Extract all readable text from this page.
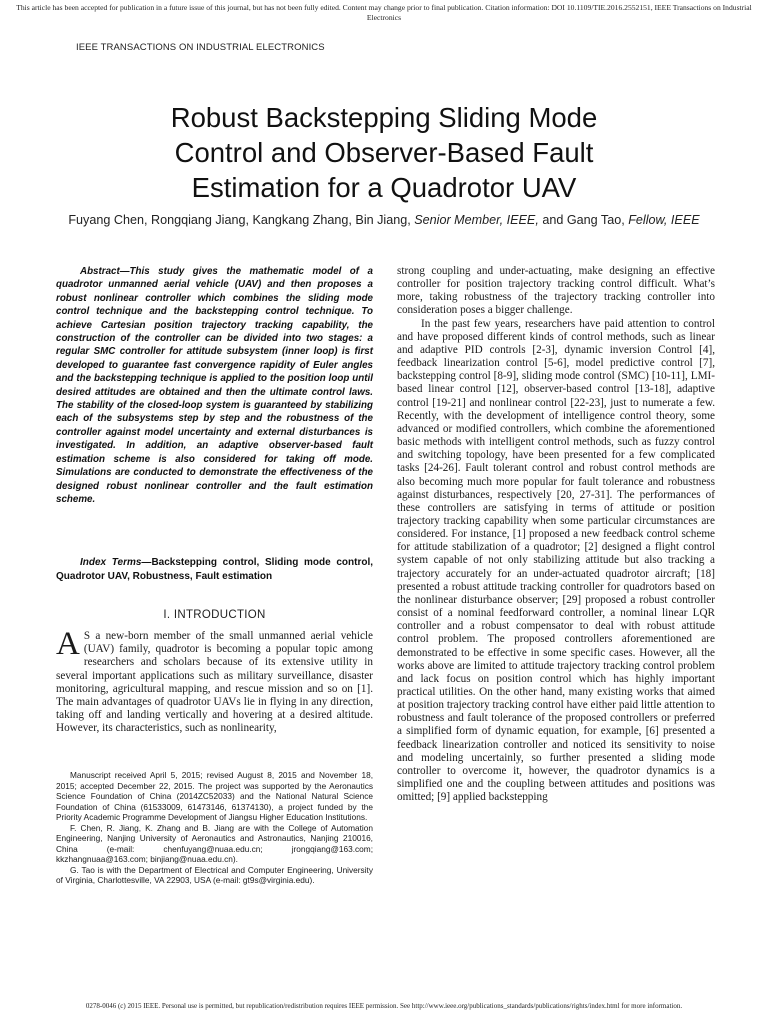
This article has been accepted for publication in a future issue of this journal, but has not been fully edited. Content may change prior to final publication. Citation information: DOI 10.1109/TIE.2016.2552151, IEEE Transactions on Industrial Electronics
IEEE TRANSACTIONS ON INDUSTRIAL ELECTRONICS
Robust Backstepping Sliding Mode
Control and Observer-Based Fault
Estimation for a Quadrotor UAV
Fuyang Chen, Rongqiang Jiang, Kangkang Zhang, Bin Jiang, Senior Member, IEEE, and Gang Tao, Fellow, IEEE
Abstract—This study gives the mathematic model of a quadrotor unmanned aerial vehicle (UAV) and then proposes a robust nonlinear controller which combines the sliding mode control technique and the backstepping control technique. To achieve Cartesian position trajectory tracking capability, the construction of the controller can be divided into two stages: a regular SMC controller for attitude subsystem (inner loop) is first developed to guarantee fast convergence rapidity of Euler angles and the backstepping technique is applied to the position loop until desired attitudes are obtained and then the ultimate control laws. The stability of the closed-loop system is guaranteed by stabilizing each of the subsystems step by step and the robustness of the controller against model uncertainty and external disturbances is investigated. In addition, an adaptive observer-based fault estimation scheme is also considered for taking off mode. Simulations are conducted to demonstrate the effectiveness of the designed robust nonlinear controller and the fault estimation scheme.
Index Terms—Backstepping control, Sliding mode control, Quadrotor UAV, Robustness, Fault estimation
I. INTRODUCTION
A S a new-born member of the small unmanned aerial vehicle (UAV) family, quadrotor is becoming a popular topic among researchers and scholars because of its extensive utility in several important applications such as military surveillance, disaster monitoring, agricultural mapping, and rescue mission and so on [1]. The main advantages of quadrotor UAVs lie in flying in any direction, taking off and landing vertically and hovering at a desired altitude. However, its characteristics, such as nonlinearity,

Manuscript received April 5, 2015; revised August 8, 2015 and November 18, 2015; accepted December 22, 2015. The project was supported by the Aeronautics Science Foundation of China (2014ZC52033) and the National Natural Science Foundation of China (61533009, 61473146, 61374130), a project funded by the Priority Academic Programme Development of Jiangsu Higher Education Institutions.

F. Chen, R. Jiang, K. Zhang and B. Jiang are with the College of Automation Engineering, Nanjing University of Aeronautics and Astronautics, Nanjing 210016, China (e-mail: chenfuyang@nuaa.edu.cn; jrongqiang@163.com; kkzhangnuaa@163.com; binjiang@nuaa.edu.cn).

G. Tao is with the Department of Electrical and Computer Engineering, University of Virginia, Charlottesville, VA 22903, USA (e-mail: gt9s@virginia.edu).

strong coupling and under-actuating, make designing an effective controller for position trajectory tracking control difficult. What’s more, taking robustness of the trajectory tracking controller into consideration poses a bigger challenge.

In the past few years, researchers have paid attention to control and have proposed different kinds of control methods, such as linear and adaptive PID controls [2-3], dynamic inversion Control [4], feedback linearization control [5-6], model predictive control [7], backstepping control [8-9], sliding mode control (SMC) [10-11], LMI-based linear control [12], observer-based control [13-18], adaptive control [19-21] and nonlinear control [22-23], just to numerate a few. Recently, with the development of intelligence control theory, some advanced or modified controllers, which combine the aforementioned basic methods with intelligent control methods, such as fuzzy control and switching topology, have been presented for a few complicated tasks [24-26]. Fault tolerant control and robust control methods are also becoming much more popular for fault tolerance and robustness against disturbances, respectively [20, 27-31]. The performances of these controllers are satisfying in terms of attitude or position trajectory tracking capability when some particular circumstances are considered. For instance, [1] proposed a new feedback control scheme for attitude stabilization of a quadrotor; [2] designed a flight control system capable of not only stabilizing attitude but also tracking a trajectory accurately for an under-actuated quadrotor aircraft; [18] presented a robust attitude tracking controller for quadrotors based on the nonlinear disturbance observer; [29] proposed a robust controller consist of a nominal feedforward controller, a nominal linear LQR controller and a robust compensator to deal with robust attitude control problem. The proposed controllers aforementioned are demonstrated to be effective in some specific cases. However, all the works above are limited to attitude trajectory tracking control problem and lack focus on position control which has highly important practical utilities. On the other hand, many existing works that aimed at position trajectory tracking control have either paid little attention to robustness and fault tolerance of the proposed controllers or preferred a simplified form of dynamic equation, for example, [6] presented a feedback linearization controller and noticed its sensitivity to noise and modeling uncertainly, so further presented a sliding mode controller to overcome it, however, the quadrotor dynamics is a simplified one and the coupling between attitudes and positions was omitted; [9] applied backstepping

0278-0046 (c) 2015 IEEE. Personal use is permitted, but republication/redistribution requires IEEE permission. See http://www.ieee.org/publications_standards/publications/rights/index.html for more information.
